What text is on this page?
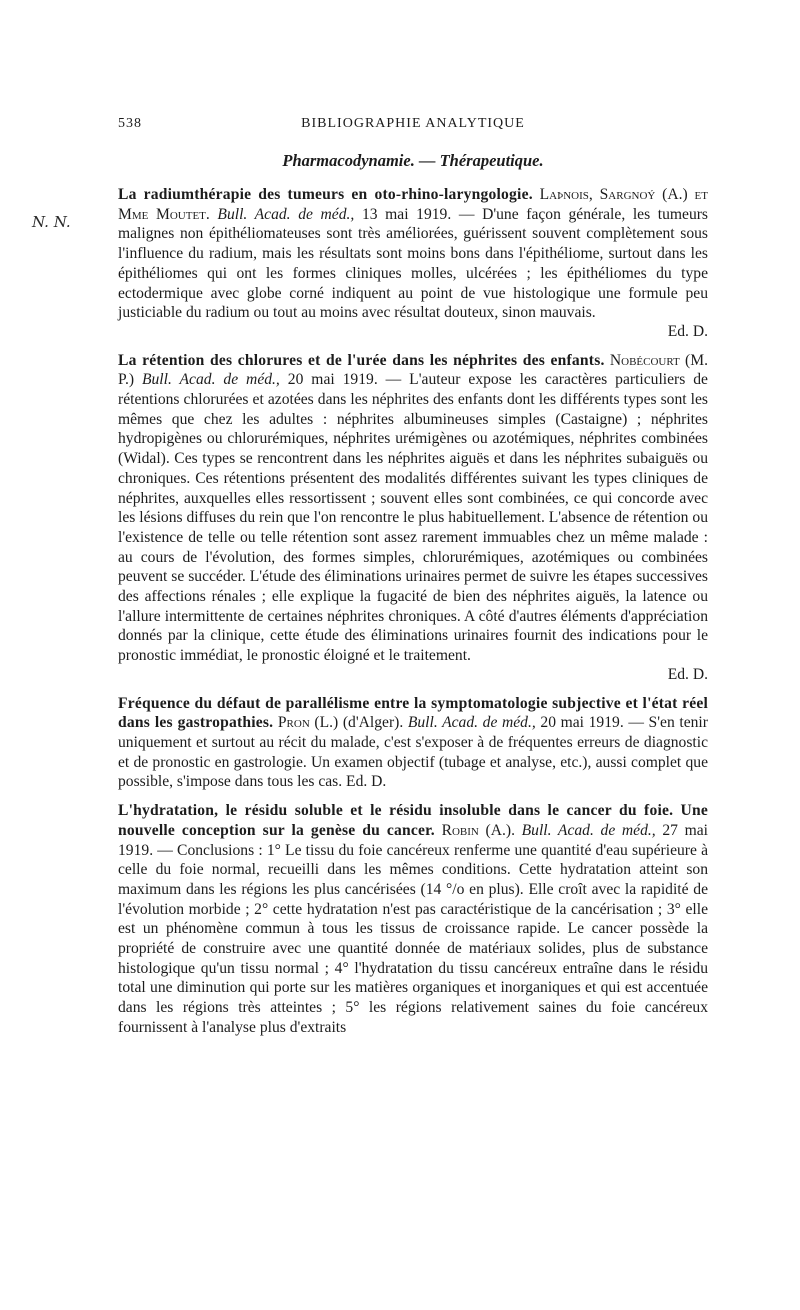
538	BIBLIOGRAPHIE ANALYTIQUE
Pharmacodynamie. — Thérapeutique.
N. N.

La radiumthérapie des tumeurs en oto-rhino-laryngologie. Laþnois, Sargnoý (A.) et Mme Moutet. Bull. Acad. de méd., 13 mai 1919. — D'une façon générale, les tumeurs malignes non épithéliomateuses sont très améliorées, guérissent souvent complètement sous l'influence du radium, mais les résultats sont moins bons dans l'épithéliome, surtout dans les épithéliomes qui ont les formes cliniques molles, ulcérées ; les épithéliomes du type ectodermique avec globe corné indiquent au point de vue histologique une formule peu justiciable du radium ou tout au moins avec résultat douteux, sinon mauvais.
Ed. D.

La rétention des chlorures et de l'urée dans les néphrites des enfants. Nobécourt (M. P.) Bull. Acad. de méd., 20 mai 1919. — L'auteur expose les caractères particuliers de rétentions chlorurées et azotées dans les néphrites des enfants dont les différents types sont les mêmes que chez les adultes : néphrites albumineuses simples (Castaigne) ; néphrites hydropigènes ou chlorurémiques, néphrites urémigènes ou azotémiques, néphrites combinées (Widal). Ces types se rencontrent dans les néphrites aiguës et dans les néphrites subaiguës ou chroniques. Ces rétentions présentent des modalités différentes suivant les types cliniques de néphrites, auxquelles elles ressortissent ; souvent elles sont combinées, ce qui concorde avec les lésions diffuses du rein que l'on rencontre le plus habituellement. L'absence de rétention ou l'existence de telle ou telle rétention sont assez rarement immuables chez un même malade : au cours de l'évolution, des formes simples, chlorurémiques, azotémiques ou combinées peuvent se succéder. L'étude des éliminations urinaires permet de suivre les étapes successives des affections rénales ; elle explique la fugacité de bien des néphrites aiguës, la latence ou l'allure intermittente de certaines néphrites chroniques. A côté d'autres éléments d'appréciation donnés par la clinique, cette étude des éliminations urinaires fournit des indications pour le pronostic immédiat, le pronostic éloigné et le traitement.
Ed. D.

Fréquence du défaut de parallélisme entre la symptomatologie subjective et l'état réel dans les gastropathies. Pron (L.) (d'Alger). Bull. Acad. de méd., 20 mai 1919. — S'en tenir uniquement et surtout au récit du malade, c'est s'exposer à de fréquentes erreurs de diagnostic et de pronostic en gastrologie. Un examen objectif (tubage et analyse, etc.), aussi complet que possible, s'impose dans tous les cas. Ed. D.

L'hydratation, le résidu soluble et le résidu insoluble dans le cancer du foie. Une nouvelle conception sur la genèse du cancer. Robin (A.). Bull. Acad. de méd., 27 mai 1919. — Conclusions : 1° Le tissu du foie cancéreux renferme une quantité d'eau supérieure à celle du foie normal, recueilli dans les mêmes conditions. Cette hydratation atteint son maximum dans les régions les plus cancérisées (14 °/o en plus). Elle croît avec la rapidité de l'évolution morbide ; 2° cette hydratation n'est pas caractéristique de la cancérisation ; 3° elle est un phénomène commun à tous les tissus de croissance rapide. Le cancer possède la propriété de construire avec une quantité donnée de matériaux solides, plus de substance histologique qu'un tissu normal ; 4° l'hydratation du tissu cancéreux entraîne dans le résidu total une diminution qui porte sur les matières organiques et inorganiques et qui est accentuée dans les régions très atteintes ; 5° les régions relativement saines du foie cancéreux fournissent à l'analyse plus d'extraits
